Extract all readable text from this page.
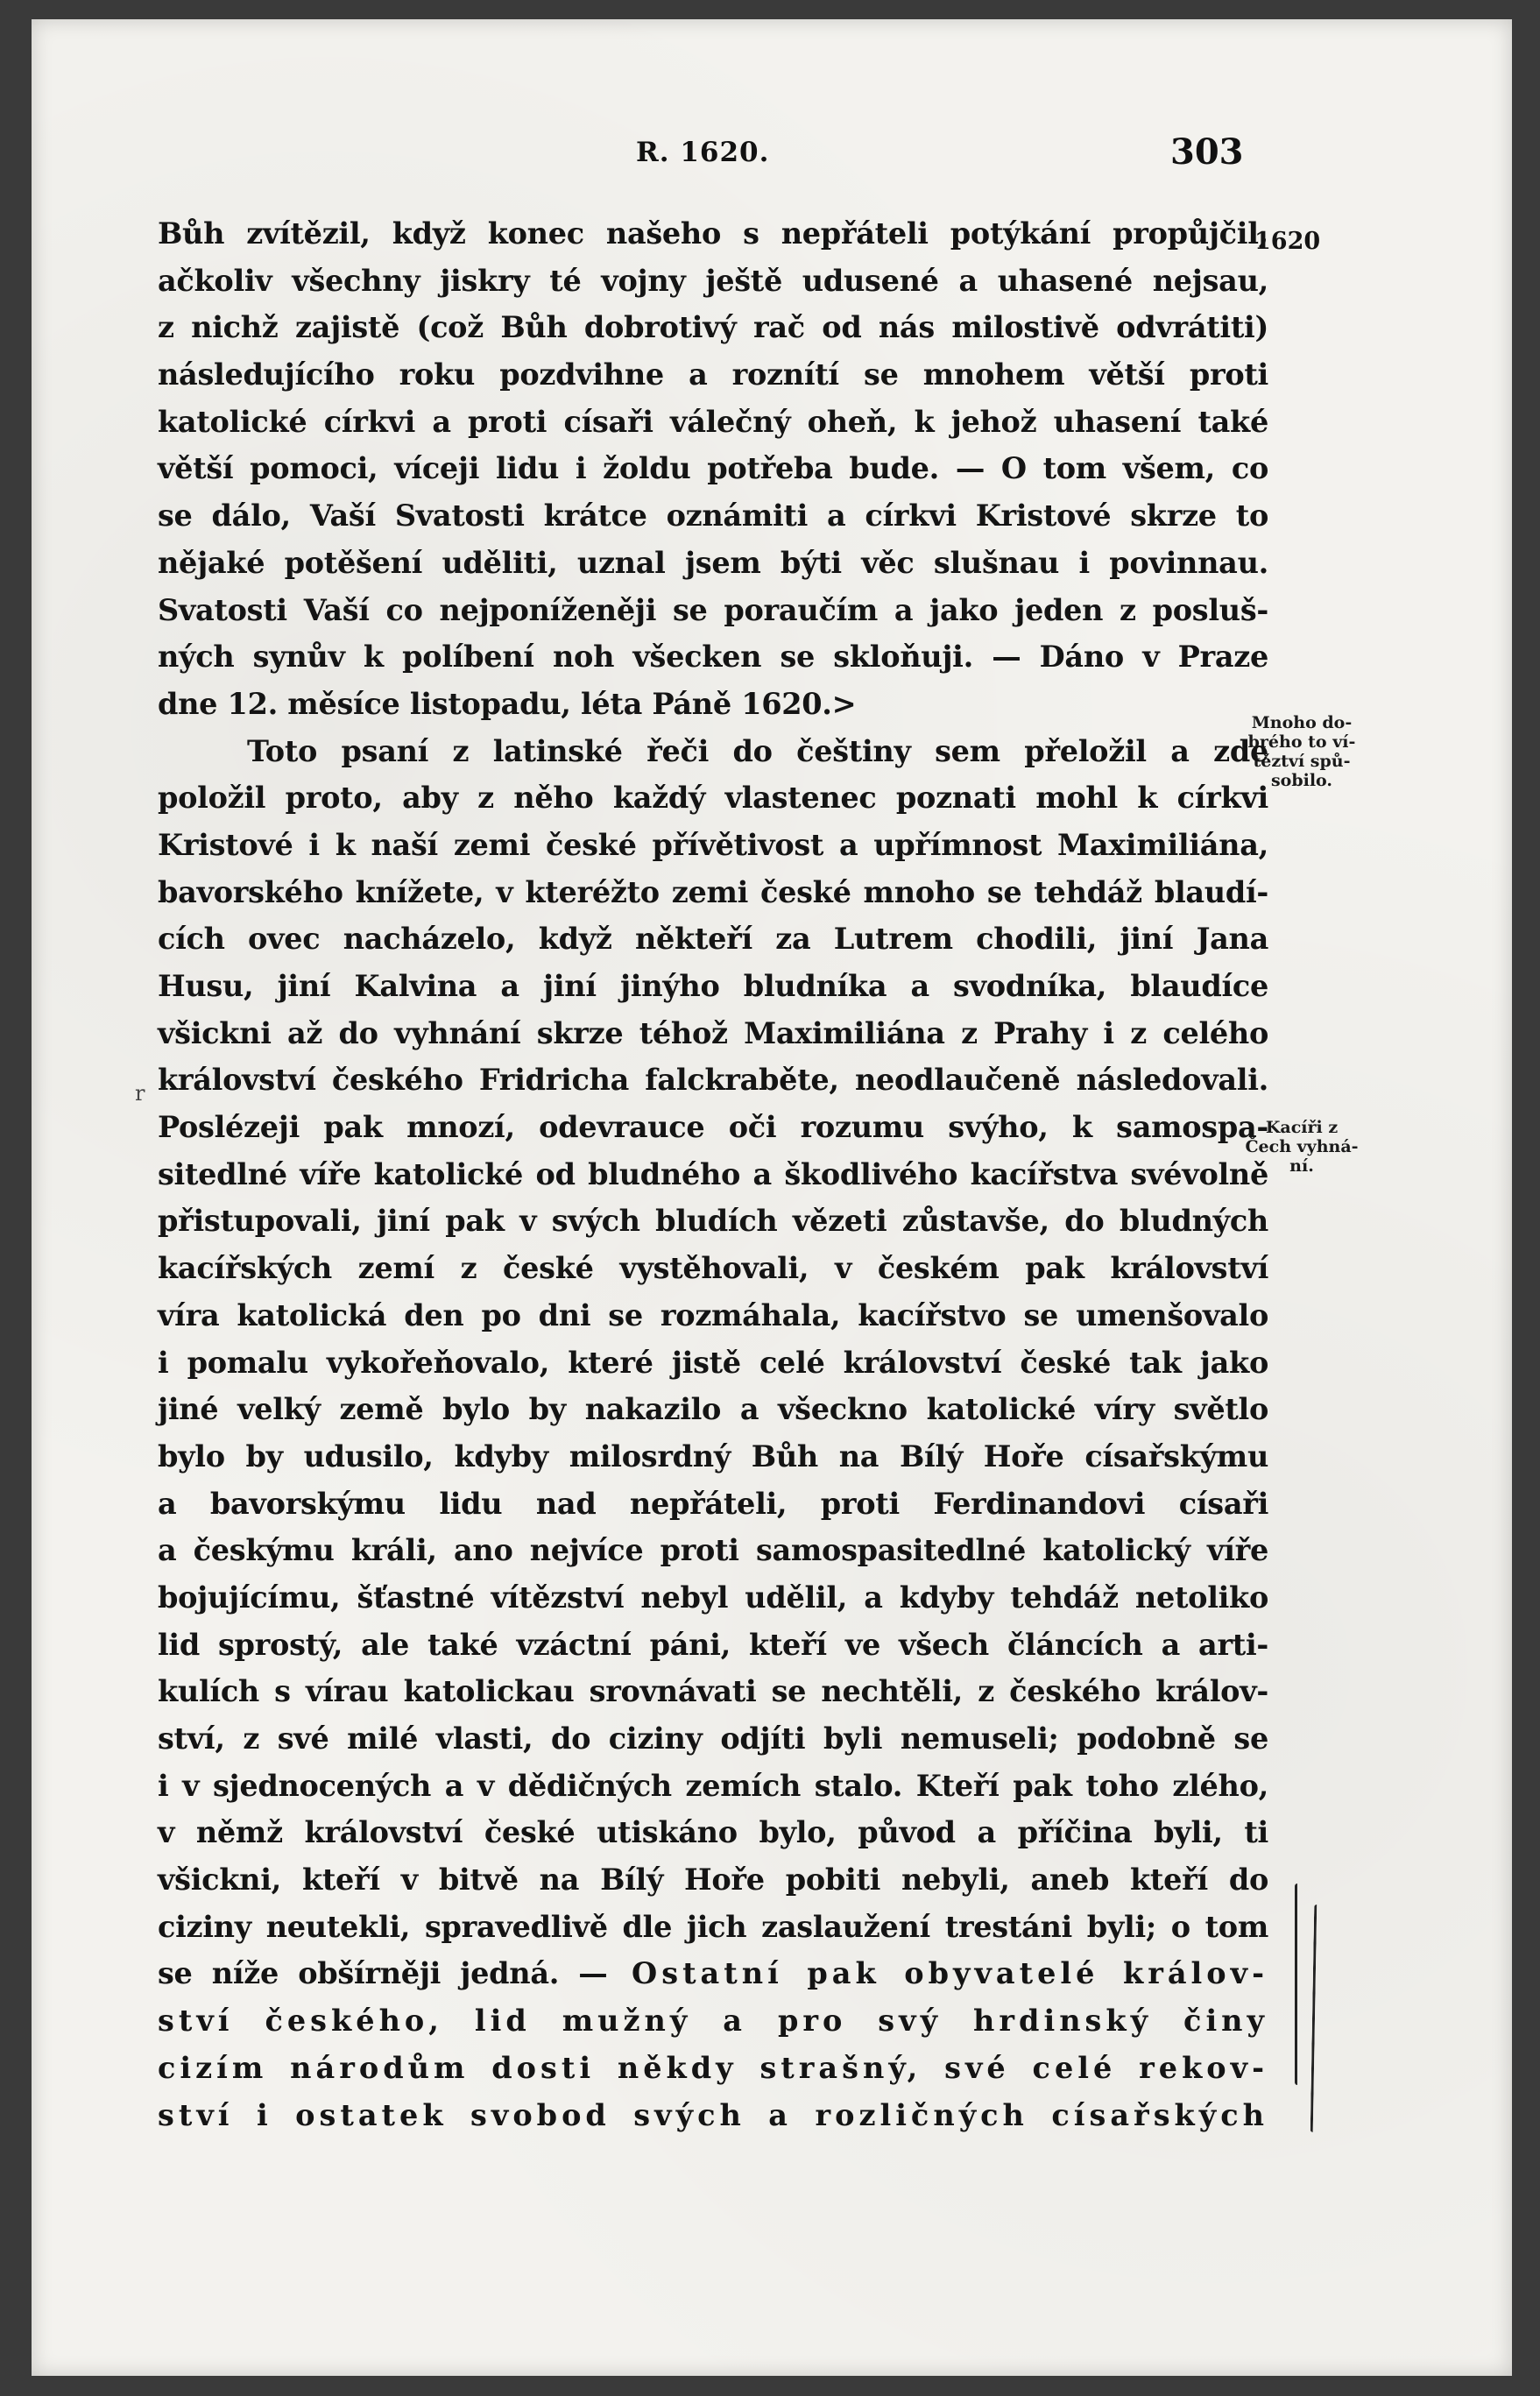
R. 1620.	303
1620
Mnoho do-
brého to ví-
těztví spů-
sobilo.
Kacíři z
Čech vyhná-
ní.
r
Bůh zvítězil, když konec našeho s nepřáteli potýkání propůjčil,
ačkoliv všechny jiskry té vojny ještě udusené a uhasené nejsau,
z nichž zajistě (což Bůh dobrotivý rač od nás milostivě odvrátiti)
následujícího roku pozdvihne a roznítí se mnohem větší proti
katolické církvi a proti císaři válečný oheň, k jehož uhasení také
větší pomoci, víceji lidu i žoldu potřeba bude. — O tom všem, co
se dálo, Vaší Svatosti krátce oznámiti a církvi Kristové skrze to
nějaké potěšení uděliti, uznal jsem býti věc slušnau i povinnau.
Svatosti Vaší co nejponíženěji se poraučím a jako jeden z posluš-
ných synův k políbení noh všecken se skloňuji. — Dáno v Praze
dne 12. měsíce listopadu, léta Páně 1620.>
Toto psaní z latinské řeči do češtiny sem přeložil a zde
položil proto, aby z něho každý vlastenec poznati mohl k církvi
Kristové i k naší zemi české přívětivost a upřímnost Maximiliána,
bavorského knížete, v kteréžto zemi české mnoho se tehdáž blaudí-
cích ovec nacházelo, když někteří za Lutrem chodili, jiní Jana
Husu, jiní Kalvina a jiní jinýho bludníka a svodníka, blaudíce
všickni až do vyhnání skrze téhož Maximiliána z Prahy i z celého
království českého Fridricha falckraběte, neodlaučeně následovali.
Poslézeji pak mnozí, odevrauce oči rozumu svýho, k samospa-
sitedlné víře katolické od bludného a škodlivého kacířstva svévolně
přistupovali, jiní pak v svých bludích vězeti zůstavše, do bludných
kacířských zemí z české vystěhovali, v českém pak království
víra katolická den po dni se rozmáhala, kacířstvo se umenšovalo
i pomalu vykořeňovalo, které jistě celé království české tak jako
jiné velký země bylo by nakazilo a všeckno katolické víry světlo
bylo by udusilo, kdyby milosrdný Bůh na Bílý Hoře císařskýmu
a bavorskýmu lidu nad nepřáteli, proti Ferdinandovi císaři
a českýmu králi, ano nejvíce proti samospasitedlné katolický víře
bojujícímu, šťastné vítězství nebyl udělil, a kdyby tehdáž netoliko
lid sprostý, ale také vzáctní páni, kteří ve všech článcích a arti-
kulích s vírau katolickau srovnávati se nechtěli, z českého králov-
ství, z své milé vlasti, do ciziny odjíti byli nemuseli; podobně se
i v sjednocených a v dědičných zemích stalo. Kteří pak toho zlého,
v němž království české utiskáno bylo, původ a příčina byli, ti
všickni, kteří v bitvě na Bílý Hoře pobiti nebyli, aneb kteří do
ciziny neutekli, spravedlivě dle jich zaslaužení trestáni byli; o tom
se níže obšírněji jedná. — Ostatní pak obyvatelé králov-
ství českého, lid mužný a pro svý hrdinský činy
cizím národům dosti někdy strašný, své celé rekov-
ství i ostatek svobod svých a rozličných císařských
